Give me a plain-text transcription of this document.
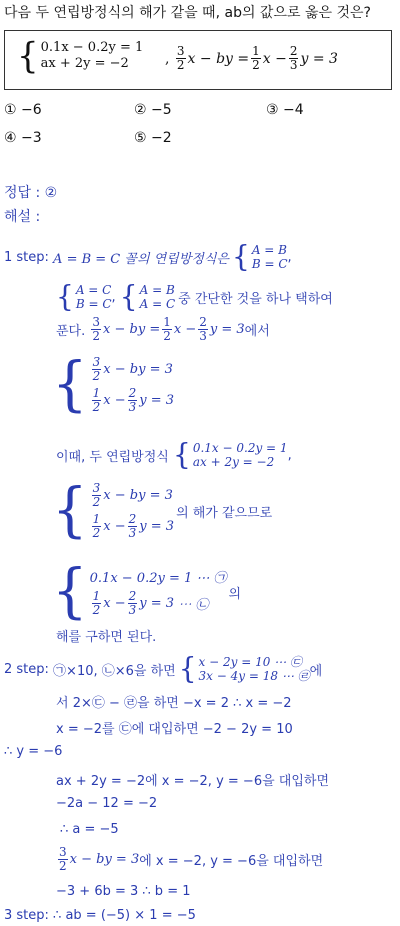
다음 두 연립방정식의 해가 같을 때, ab의 값으로 옳은 것은?
{ 0.1x − 0.2y = 1
ax + 2y = −2	, $\frac{3}{2}$ x − by = $\frac{1}{2}$ $x - \frac{2}{3}$ y = 3
① −6	② −5	③ −4
④ −3	⑤ −2
정답 : ②
해설 :
1 step:
A = B = C 꼴의 연립방정식은 { A = B
B = C ,
{ A = C
B = C , { A = B
A = C 중 간단한 것을 하나 택하여
푼다.
$\frac{3}{2}$ x − by = $\frac{1}{2}$ $x - \frac{2}{3}$ y = 3 에서
{ $\frac{3}{2}$ x − by = 3
$\frac{1}{2}$ $x - \frac{2}{3}$ y = 3
이때, 두 연립방정식
{ 0.1x − 0.2y = 1
ax + 2y = −2	,
{ $\frac{3}{2}$ x − by = 3
$\frac{1}{2}$ $x - \frac{2}{3}$ y = 3
의 해가 같으므로
{ 0.1x − 0.2y = 1 ⋯ ㉠
$\frac{1}{2}$ $x - \frac{2}{3}$ y = 3 ⋯ ㉡
의
해를 구하면 된다.
2 step:
㉠×10, ㉡×6을 하면 { x − 2y = 10 ⋯ ㉢
3x − 4y = 18 ⋯ ㉣ 에
서 2×㉢ − ㉣을 하면 −x = 2 ∴ x = −2
x = −2를 ㉢에 대입하면 −2 − 2y = 10
∴ y = −6
ax + 2y = −2에 x = −2, y = −6을 대입하면
−2a − 12 = −2
∴ a = −5
$\frac{3}{2}$ x − by = 3 에 x = −2, y = −6을 대입하면
−3 + 6b = 3 ∴ b = 1
3 step:
∴ ab = (−5) × 1 = −5
